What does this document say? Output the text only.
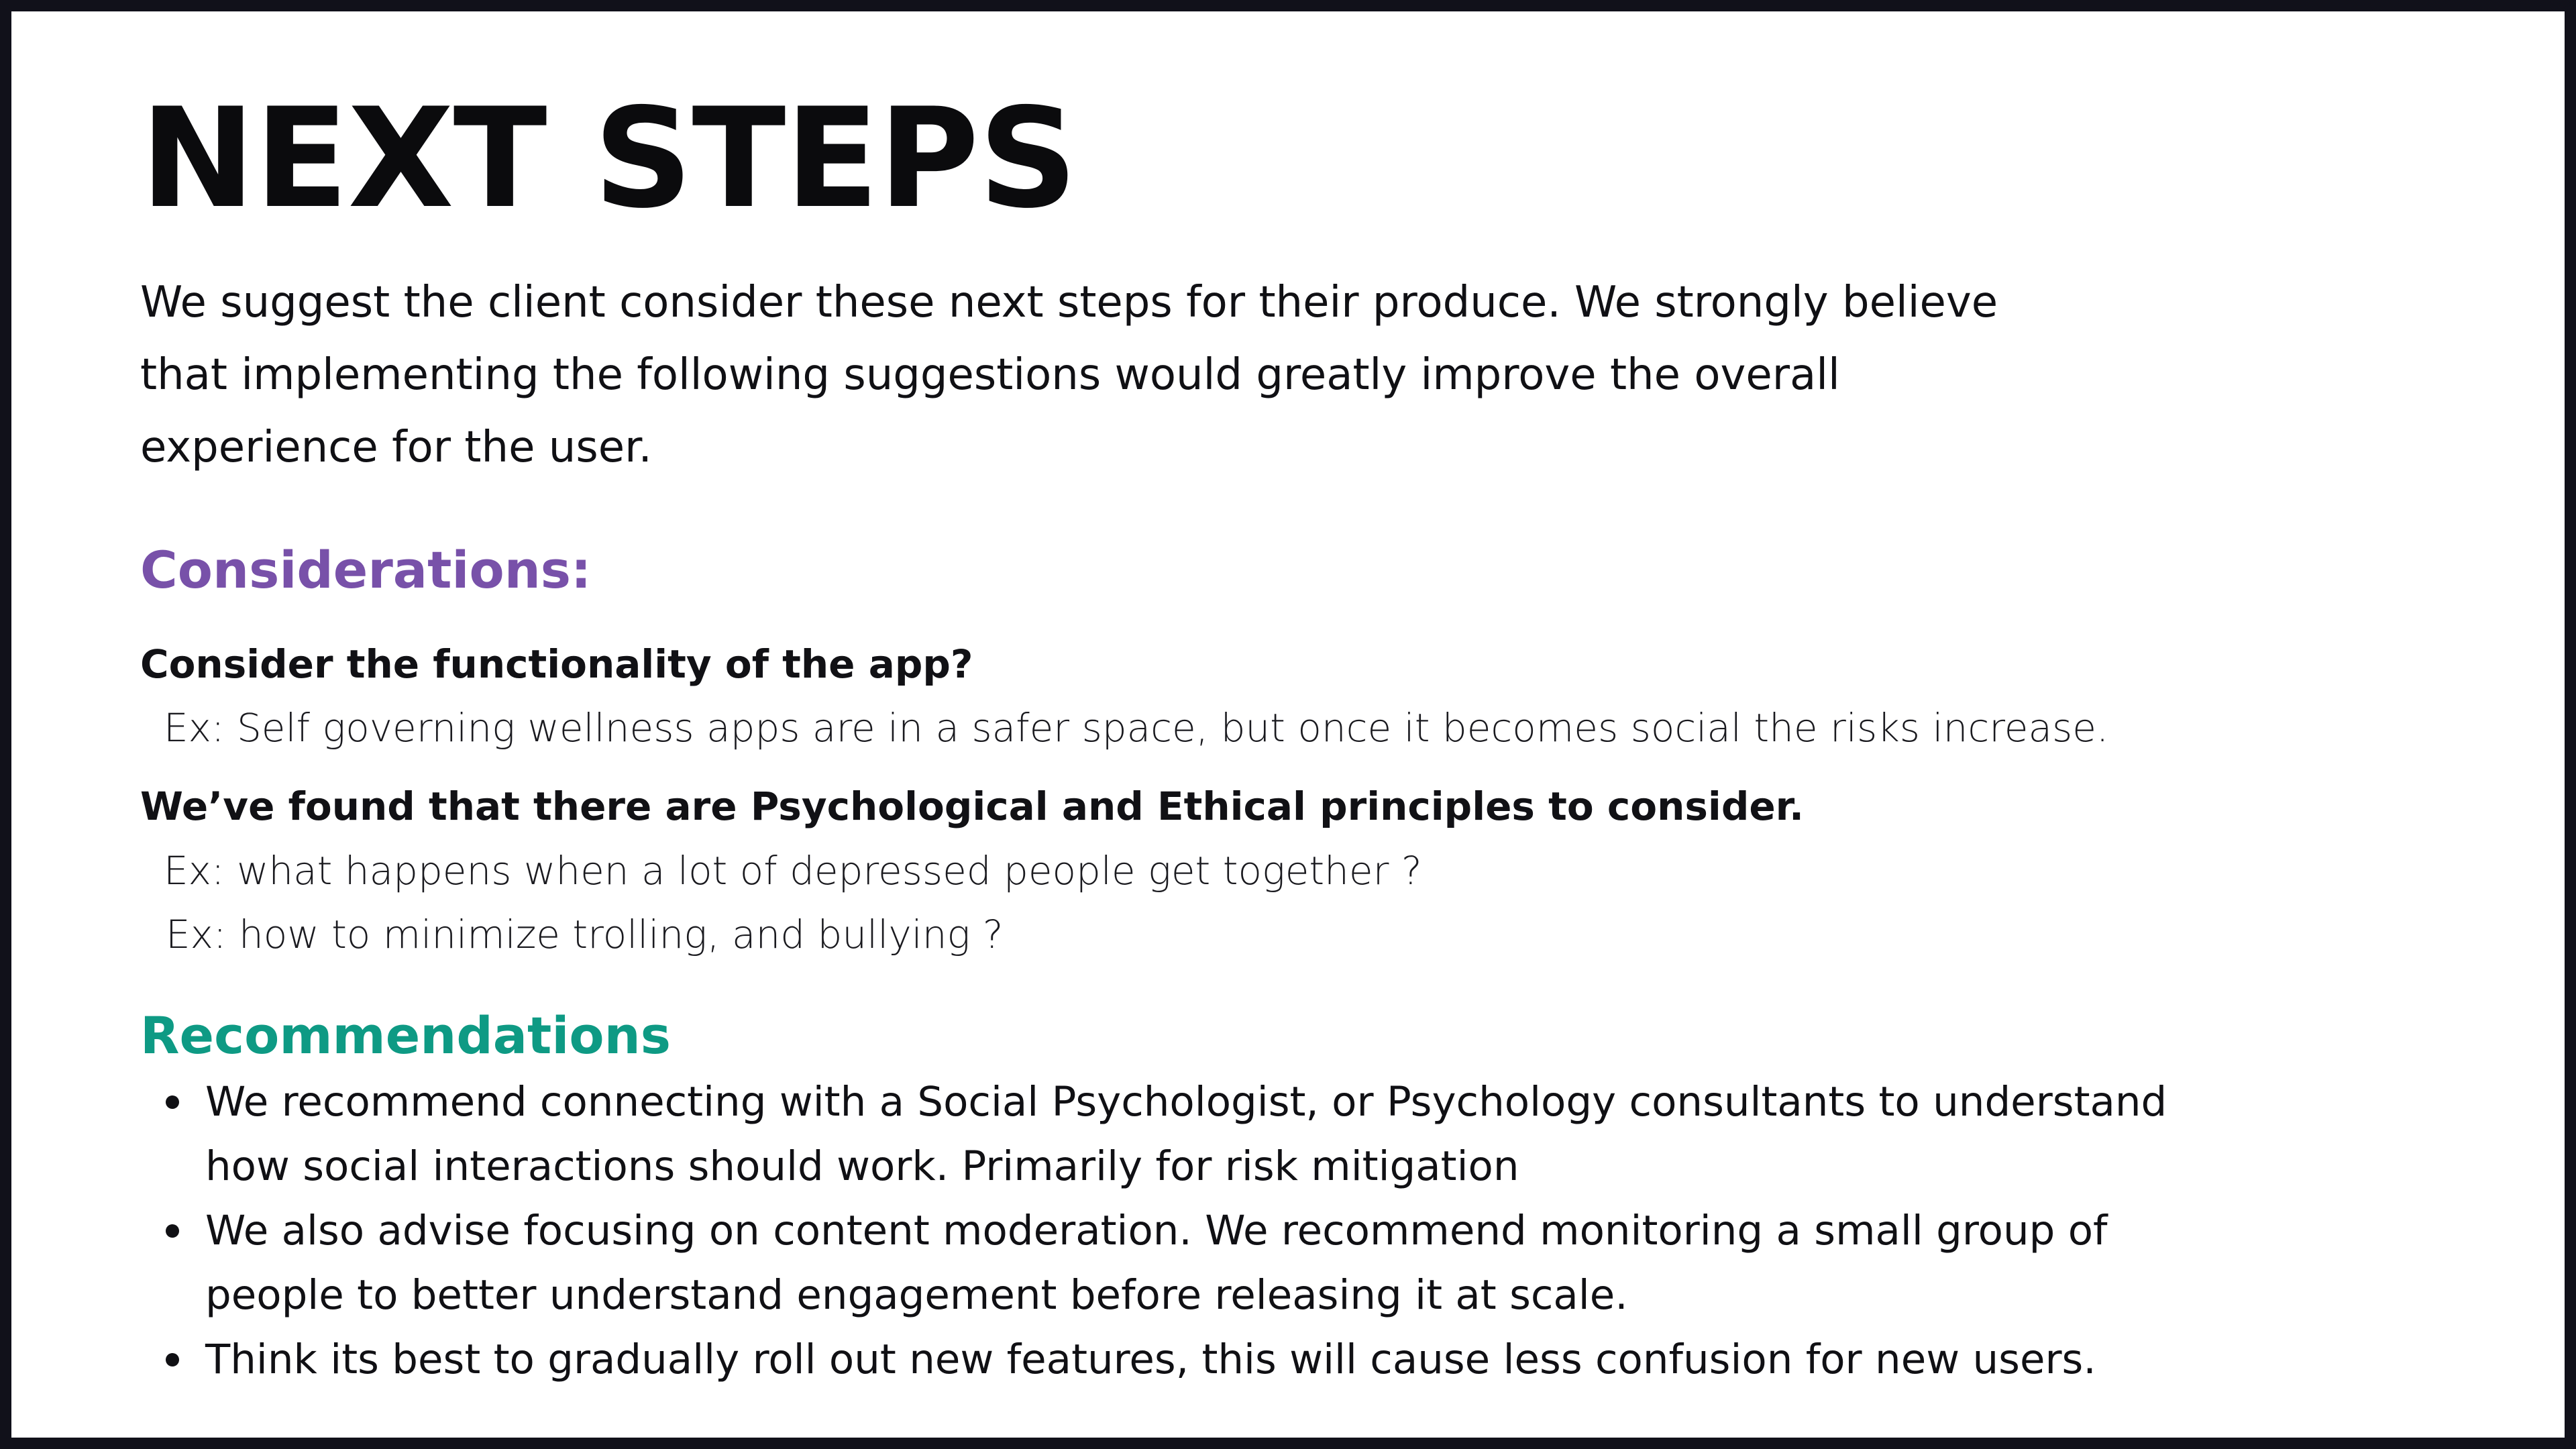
NEXT STEPS

We suggest the client consider these next steps for their produce. We strongly believe that implementing the following suggestions would greatly improve the overall experience for the user.

Considerations:

Consider the functionality of the app?

Ex: Self governing wellness apps are in a safer space, but once it becomes social the risks increase.

We’ve found that there are Psychological and Ethical principles to consider.

Ex: what happens when a lot of depressed people get together ?

Ex: how to minimize trolling, and bullying ?

Recommendations
We recommend connecting with a Social Psychologist, or Psychology consultants to understand how social interactions should work. Primarily for risk mitigation
We also advise focusing on content moderation. We recommend monitoring a small group of people to better understand engagement before releasing it at scale.
Think its best to gradually roll out new features, this will cause less confusion for new users.
